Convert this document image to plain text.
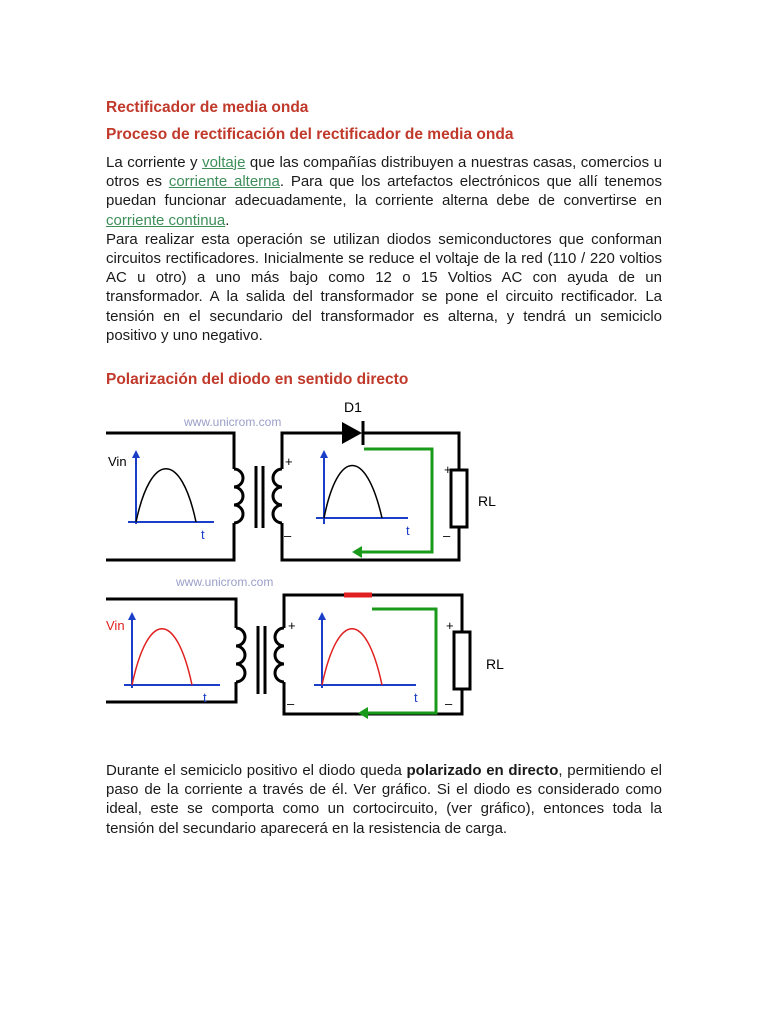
Rectificador de media onda
Proceso de rectificación del rectificador de media onda
La corriente y voltaje que las compañías distribuyen a nuestras casas, comercios u otros es corriente alterna. Para que los artefactos electrónicos que allí tenemos puedan funcionar adecuadamente, la corriente alterna debe de convertirse en corriente continua.
Para realizar esta operación se utilizan diodos semiconductores que conforman circuitos rectificadores. Inicialmente se reduce el voltaje de la red (110 / 220 voltios AC u otro) a uno más bajo como 12 o 15 Voltios AC con ayuda de un transformador. A la salida del transformador se pone el circuito rectificador. La tensión en el secundario del transformador es alterna, y tendrá un semiciclo positivo y uno negativo.
Polarización del diodo en sentido directo
www.unicrom.com
D1
RL
+
–
+
–
Vin
t	t
www.unicrom.com
RL
+
–
+
–
Vin
t	t
Durante el semiciclo positivo el diodo queda polarizado en directo, permitiendo el paso de la corriente a través de él. Ver gráfico. Si el diodo es considerado como ideal, este se comporta como un cortocircuito, (ver gráfico), entonces toda la tensión del secundario aparecerá en la resistencia de carga.
